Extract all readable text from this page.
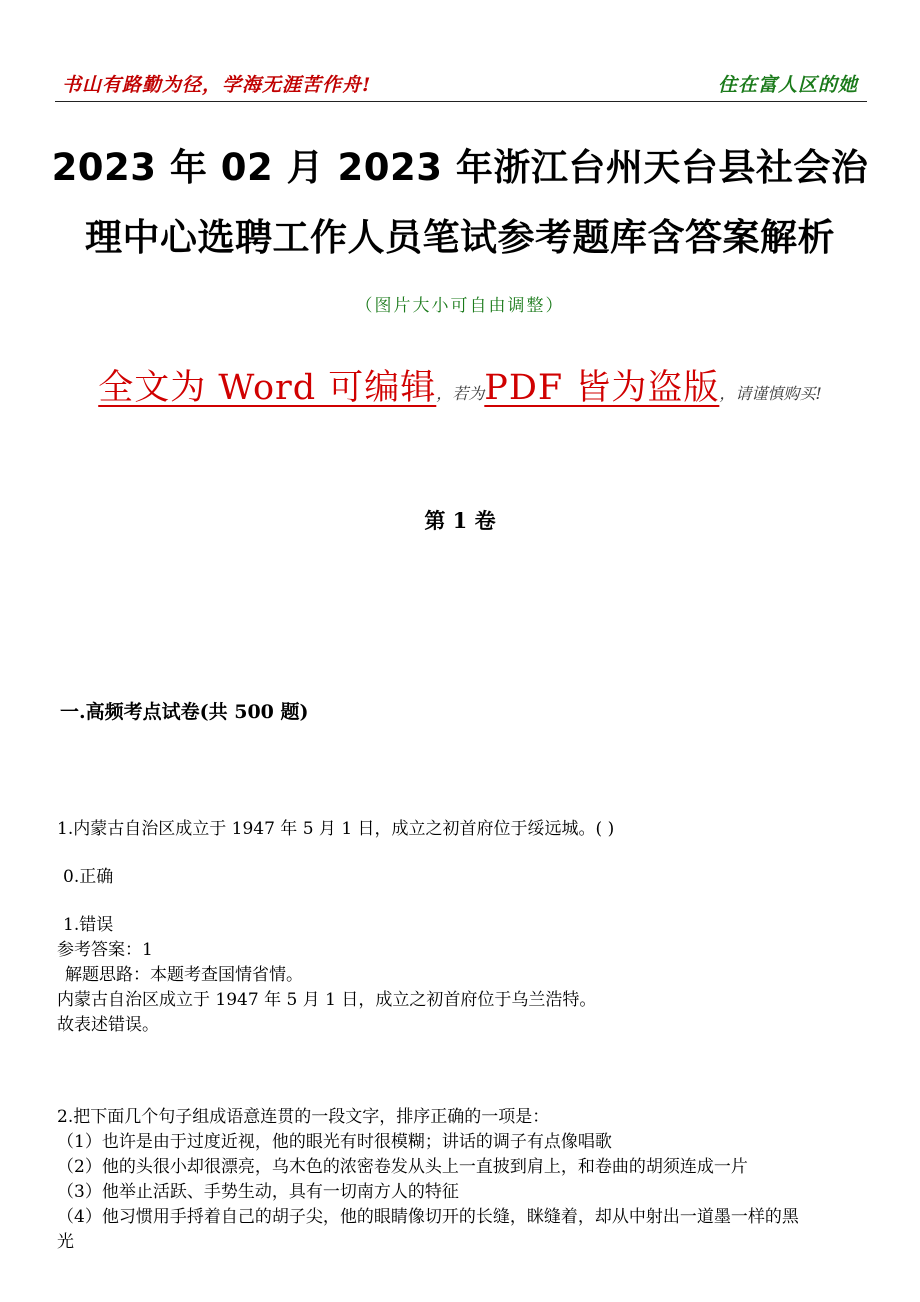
书山有路勤为径，学海无涯苦作舟!	住在富人区的她
2023 年 02 月 2023 年浙江台州天台县社会治
理中心选聘工作人员笔试参考题库含答案解析
（图片大小可自由调整）
全文为 Word 可编辑，若为PDF 皆为盗版，请谨慎购买!
第 1 卷
一.高频考点试卷(共 500 题)
1.内蒙古自治区成立于 1947 年 5 月 1 日，成立之初首府位于绥远城。( )
0.正确
1.错误
参考答案：1
解题思路：本题考查国情省情。
内蒙古自治区成立于 1947 年 5 月 1 日，成立之初首府位于乌兰浩特。
故表述错误。
2.把下面几个句子组成语意连贯的一段文字，排序正确的一项是：
（1）也许是由于过度近视，他的眼光有时很模糊；讲话的调子有点像唱歌
（2）他的头很小却很漂亮，乌木色的浓密卷发从头上一直披到肩上，和卷曲的胡须连成一片
（3）他举止活跃、手势生动，具有一切南方人的特征
（4）他习惯用手捋着自己的胡子尖，他的眼睛像切开的长缝，眯缝着，却从中射出一道墨一样的黑
光
